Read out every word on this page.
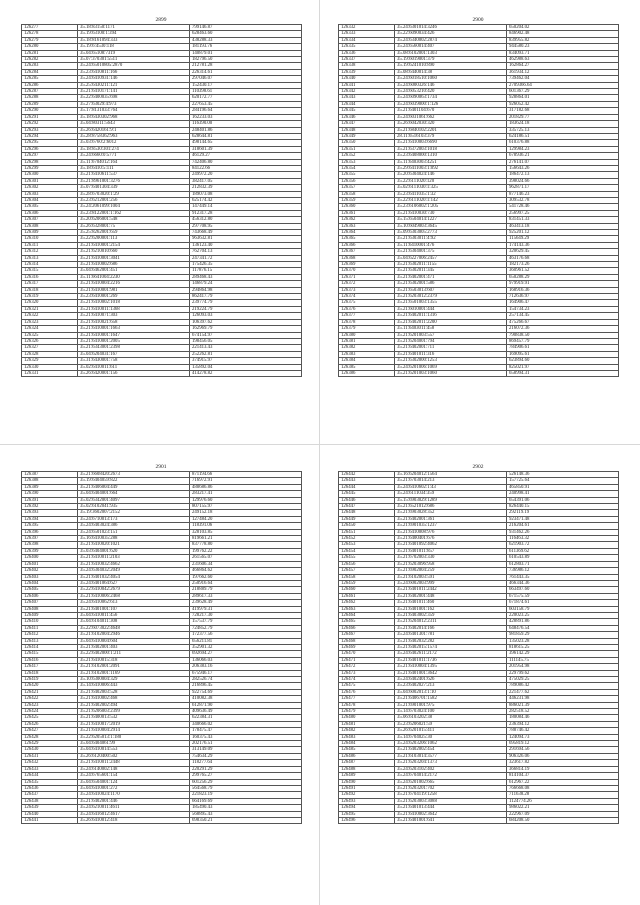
2899
126277	35.18:83150:1171	799146.87
126278	35.19:63100:1:394	628463.60
126279	35.18:8161094:333	438288.33
126280	35.19:6:4530:118	181193.76
126281	35.04:65108:7319	140879.01
126282	35.07:370301:5511	182796.50
126283	35.24:65010805:2870	212781.28
126284	35.23:6410811:166	226314.61
126285	35.24:6410931:146	297046.07
126286	35.25:6430211:121	152430.17
126287	35.21:6410171:141	110398.61
126288	35.22:6400035:698	620172.77
126289	35.27:63029:4:973	227653.45
126290	35.17:8131033:764	284196.64
126291	35.18:6430302:968	162233.03
126292	35.04:80311:5643	116390.00
126293	35.26:6420161:9:1	248401.86
126294	35.28:8758362:963	628644.81
126295	35.03:6760:2:6012	498144.65
126296	35.18:8530:301:274	318601.39
126297	35.24:6660:0:5771	46129.27
126298	35.11:6704012:164	742406.80
126299	35.18:6410:5:111	84122.66
126300	35.21:6410611:537	249972.20
126301	35.21:8961001:3276	382417.05
126302	35.07:6401304:339	212832.39
126303	35.28:6703020:1:29	189073.08
126304	35.23:6212001:256	625174.42
126305	35.24:2061099:1004	147449.14
126306	35.23:8122001:1:162	912317.28
126307	35.20:6206001:548	456312.80
126308	35.26:6328001:75	297708.95
126309	35.25:8262001:659	743668.49
126310	35.22:6200001:113	963632.81
126311	35.21:6410001:2154	136123.40
126312	35.21:6210010:660	762704.13
126313	35.21:6410001:3041	247341.72
126314	35.21:6410002:686	175426.35
126315	35.04:6462001:451	117876.15
126316	35.11:6641004:2230	289468.43
126317	35.21:6410004:2216	146879.24
126318	35.21:6410001:981	294864.98
126319	35.23:6410001:269	862417.79
126320	35.21:6410002:1018	239774.79
126321	35.21:6410011:1368	219224.79
126322	35.21:6410071:303	126093.03
126323	35.21:6410021:658	106397.62
126324	35.21:6410001:1663	162969.79
126325	35.21:6410001:1647	674154.97
126326	35.21:6410001:2005	198456.05
126327	35.21:6343001:2398	221413.43
126328	35.04:6204031:167	252262.81
126329	35.31:6430001:758	374915.97
126330	35.02:6410011:611	135892.04
126331	35.26:6420001:156	414278.82
2900
126332	35.24:6301014:3246	650204.02
126333	35.22:6090034:426	846902.48
126334	35.24:6340002:2874	839955.82
126335	35.24:6560014:407	944580.23
126336	35.08:6102001:1303	834093.71
126337	35.19:6019001:379	462988.63
126338	35.19:6241010:890	162864.27
126339	35.08:6440014:38	361934.12
126340	35.24:6018510:1060	739462.04
126341	35.24:6000326:146	2709366.64
126342	35.24:6053210:420	601367.29
126343	35.24:6090063:1734	928864.01
126344	35.24:6039000:1:126	926052.42
126345	35.21:6401104:670	317182.68
126346	35.24:6031061:662	201829.77
126347	35.26:6042030:320	183624.18
126348	35.21:6840102:2201	335725.13
126349	28.11:6516103:379	624186.51
126350	35.21:6410003:6690	610376.88
126351	35.21:6372003:1018	129984.23
126352	35.23:6408000:1310	678936.21
126353	35.11:6403003:4251	276141.07
126354	35.29:6411003:1:092	156643.26
126355	35.20:6304024:146	186472.13
126356	35.22:6111020:120	398024.66
126357	35.02:6111030:1:325	962871.17
126358	35.23:6411035:1:32	877146.23
126359	35.22:6111020:1:142	309532.78
126360	35.23:6106002:1:205	541728.46
126361	35.21:6410030:730	256997.25
126362	35.15:6504014:1227	831451.33
126363	35.10:6049003:3645	463413.18
126364	35.09:6303005:2773	925201.12
126365	35.21:6303011:4:92	115649.29
126366	35.11:6410001:476	174143.36
126367	35.21:6304001:375	320629.45
126368	35.04:6227006:2457	463176.68
126369	35.21:6302011:1155	182173.26
126370	35.21:6302011:345	360961.52
126371	35.21:6402001:471	650288.29
126372	35.21:6302001:586	979919.91
126373	35.21:6503013:607	168916.36
126374	35.21:6203012:2379	712636.97
126375	35.21:6501003:1355	164906.47
126376	35.21:6010001:444	154734.23
126377	35.21:6402011:1316	257134.45
126378	35.21:6402011:2200	475266.67
126379	35.11:6403011:458	216072.36
126380	35.21:6201003:557	790838.50
126381	35.21:6204001:794	869457.79
126382	35.21:6402001:711	784906.61
126383	35.21:6401011:316	169095.61
126384	35.21:6302000:1253	623894.60
126385	35.24:6201006:1069	825021.97
126386	35.21:6201003:1060	658994.31
2901
126387	35.21:6608420:2673	871194.66
126388	35.19:6404059:822	716972.91
126389	35.21:6406004:449	488686.86
126390	35.04:6404001:664	283217.41
126391	35.02:6342001:4097	129976.60
126392	35.02:6102041:935	807155.97
126393	35.19:3602007:2152	249152.18
126394	35.24:6710013:173	127484.20
126395	35.24:6403024:386	118391.06
126396	35.24:6501023:151	328103.85
126397	35.16:6410035:288	819661.21
126398	35.21:6410020:1021	837778.80
126399	35.03:6404001:620	199762.22
126400	35.21:6410011:2103	261565.07
126401	35.21:6410032:4662	231606.34
126402	35.24:6304032:2049	466864.62
126403	35.21:6401032:4054	197662.60
126404	35.24:6401064:627	250916.64
126405	35.22:6410042:2679	218889.79
126406	35.21:6410006:2468	289617.33
126407	35.24:6410062:613	239628.49
126408	35.21:6401001:107	419979.31
126409	35.04:6410011:456	728217.30
126410	35.04:6104011:308	157537.79
126411	35.22:6073022:4648	724852.79
126412	35.21:6102004:2946	172377.56
126413	35.04:6410004:604	656211.81
126414	35.21:6402001:403	352901.32
126415	35.22:6402000:1:211	692694.27
126416	35.21:6410015:318	136066.03
126417	35.21:6102001:2091	206383.16
126418	35.21:6102001:1169	675946.17
126419	35.10:6300004:329	282526.74
126420	35.14:6410006:443	216896.45
126421	35.21:6402003:528	922754.69
126422	35.21:6410002:468	410082.38
126423	35.21:6402002:494	612871.90
126424	35.21:6206003:2399	409636.49
126425	35.21:6400013:532	622384.31
126426	35.21:6410017:2019	340666.02
126427	35.21:6410004:2914	178475.47
126428	35.22:6205013:1:180	160375.43
126429	35.04:6404061:99	202176.51
126430	35.04:6410014:553	313149.09
126431	35.26:6120400:502	754634.29
126432	35.21:6410011:2448	118277.64
126433	35.24:6140002:148	220291.29
126434	35.24:6765601:154	299765.27
126435	35.04:6504001:124	601256.29
126436	35.04:6410001:272	564568.79
126437	35.24:6410024:1170	221823.19
126438	35.21:6402001:446	664169.69
126439	35.24:6210011:4611	185490.43
126440	35.24:6416012:4617	568895.43
126441	35.26:6410012:418	698350.21
2902
126442	35.16:6204012:1564	526148.36
126443	35.21:6703014:213	157725.64
126444	35.24:6410602:1:43	465850.91
126445	35.24:6111034:359	240998.41
126446	35.15:6903029:1289	654391.06
126447	35.21:6521012:686	826440.15
126448	35.21:6903028:352	292119.19
126449	35.21:6402001:361	923471.48
126450	35.21:6901035:1237	216204.61
126451	35.21:6410008:976	931462.26
126452	35.21:6400401:676	116463.32
126453	35.21:6401092:4062	621903.72
126454	35.21:6401011:857	611369.62
126455	35.21:6702003:330	610543.89
126456	35.21:6203096:958	612803.71
126457	35.21:6902004:259	736986.12
126458	35.21:6102003:591	761443.35
126459	35.24:6002003:999	466344.36
126460	35.21:6401011:2442	663497.60
126461	35.21:6402001:448	671575.59
126462	35.21:6401011:460	671874.61
126463	35.21:6401001:162	603158.79
126464	35.21:6403002:359	220023.25
126465	35.21:6204012:2311	428891.86
126466	35.21:6402014:166	648476.54
126467	35.24:6401301:781	981859.29
126468	35.21:6402032:282	135023.28
126469	35.21:6402015:1574	818615.25
126470	35.24:6402611:2172	396142.29
126471	35.21:6401011:1736	111145.75
126472	35.21:6410004:1395	201954.98
126473	35.21:6401001:3642	229799.62
126474	35.24:6402401:626	475029.25
126475	35.23:6402027:213	789086.42
126476	35.04:6002013:1:10	221477.62
126477	35.21:6406701:1582	446231.98
126478	35.21:6901001:975	886021.39
126479	35.14:6703024:100	282518.52
126480	35.06:6103202:38	180084.46
126481	35.23:6206021:59	236394.12
126482	35.26:6201015:411	788746.42
126483	35.14:6704025:30	124094.73
126484	35.24:6203206:1062	695819.12
126485	35.21:6402002:454	291694.56
126486	35.21:6103014:3577	906326.06
126487	35.21:6203204:1373	323617.82
126488	35.24:6203102:402	366814.19
126489	35.24:6704014:2172	814104.37
126490	35.24:6201002:665	612967.22
126491	35.21:6203201:702	766668.08
126492	35.21:6704119:1258	711638.28
126493	35.21:6203003:3088	1124774.26
126494	35.21:6401013:444	986022.21
126495	35.21:6410002:3642	222967.09
126496	35.21:6401001:641	684208.50
